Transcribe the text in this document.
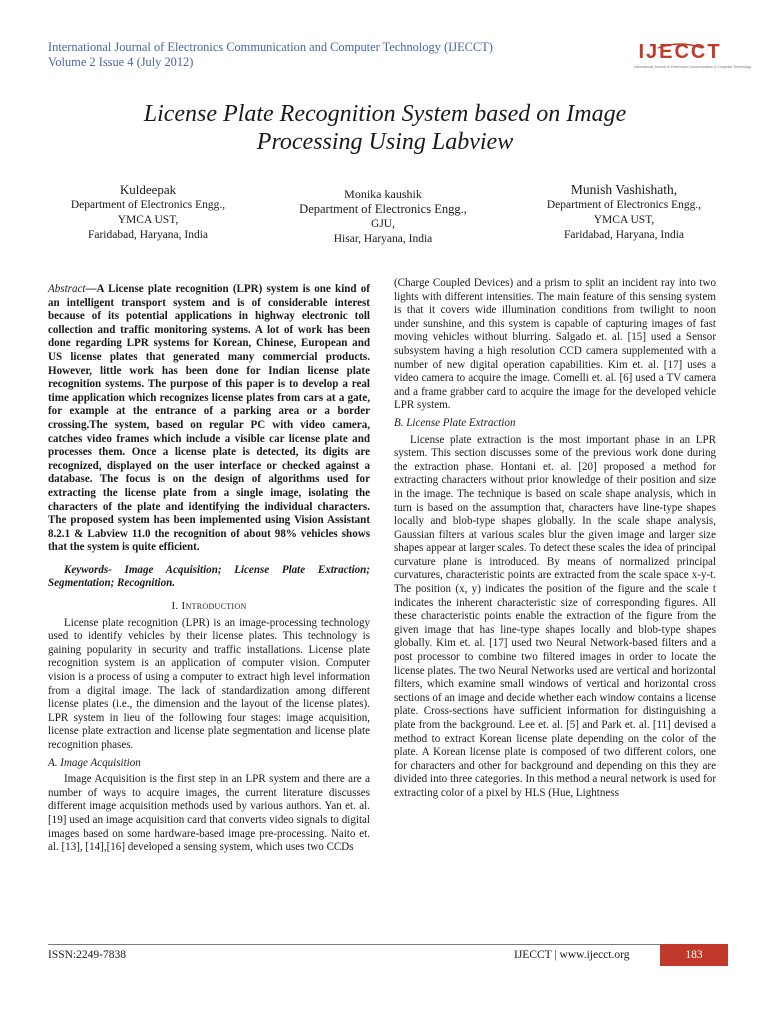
International Journal of Electronics Communication and Computer Technology (IJECCT)
Volume 2 Issue 4 (July 2012)	IJECCT
International Journal of Electronics Communication & Computer Technology
License Plate Recognition System based on Image
Processing Using Labview
Kuldeepak
Department of Electronics Engg.,
YMCA UST,
Faridabad, Haryana, India
Monika kaushik
Department of Electronics Engg.,
GJU,
Hisar, Haryana, India
Munish Vashishath,
Department of Electronics Engg.,
YMCA UST,
Faridabad, Haryana, India

Abstract—A License plate recognition (LPR) system is one kind of an intelligent transport system and is of considerable interest because of its potential applications in highway electronic toll collection and traffic monitoring systems. A lot of work has been done regarding LPR systems for Korean, Chinese, European and US license plates that generated many commercial products. However, little work has been done for Indian license plate recognition systems. The purpose of this paper is to develop a real time application which recognizes license plates from cars at a gate, for example at the entrance of a parking area or a border crossing.The system, based on regular PC with video camera, catches video frames which include a visible car license plate and processes them. Once a license plate is detected, its digits are recognized, displayed on the user interface or checked against a database. The focus is on the design of algorithms used for extracting the license plate from a single image, isolating the characters of the plate and identifying the individual characters. The proposed system has been implemented using Vision Assistant 8.2.1 & Labview 11.0 the recognition of about 98% vehicles shows that the system is quite efficient.

Keywords- Image Acquisition; License Plate Extraction; Segmentation; Recognition.

I. Introduction

License plate recognition (LPR) is an image-processing technology used to identify vehicles by their license plates. This technology is gaining popularity in security and traffic installations. License plate recognition system is an application of computer vision. Computer vision is a process of using a computer to extract high level information from a digital image. The lack of standardization among different license plates (i.e., the dimension and the layout of the license plates). LPR system in lieu of the following four stages: image acquisition, license plate extraction and license plate segmentation and license plate recognition phases.

A. Image Acquisition

Image Acquisition is the first step in an LPR system and there are a number of ways to acquire images, the current literature discusses different image acquisition methods used by various authors. Yan et. al. [19] used an image acquisition card that converts video signals to digital images based on some hardware-based image pre-processing. Naito et. al. [13], [14],[16] developed a sensing system, which uses two CCDs

(Charge Coupled Devices) and a prism to split an incident ray into two lights with different intensities. The main feature of this sensing system is that it covers wide illumination conditions from twilight to noon under sunshine, and this system is capable of capturing images of fast moving vehicles without blurring. Salgado et. al. [15] used a Sensor subsystem having a high resolution CCD camera supplemented with a number of new digital operation capabilities. Kim et. al. [17] uses a video camera to acquire the image. Comelli et. al. [6] used a TV camera and a frame grabber card to acquire the image for the developed vehicle LPR system.

B. License Plate Extraction

License plate extraction is the most important phase in an LPR system. This section discusses some of the previous work done during the extraction phase. Hontani et. al. [20] proposed a method for extracting characters without prior knowledge of their position and size in the image. The technique is based on scale shape analysis, which in turn is based on the assumption that, characters have line-type shapes locally and blob-type shapes globally. In the scale shape analysis, Gaussian filters at various scales blur the given image and larger size shapes appear at larger scales. To detect these scales the idea of principal curvature plane is introduced. By means of normalized principal curvatures, characteristic points are extracted from the scale space x-y-t. The position (x, y) indicates the position of the figure and the scale t indicates the inherent characteristic size of corresponding figures. All these characteristic points enable the extraction of the figure from the given image that has line-type shapes locally and blob-type shapes globally. Kim et. al. [17] used two Neural Network-based filters and a post processor to combine two filtered images in order to locate the license plates. The two Neural Networks used are vertical and horizontal filters, which examine small windows of vertical and horizontal cross sections of an image and decide whether each window contains a license plate. Cross-sections have sufficient information for distinguishing a plate from the background. Lee et. al. [5] and Park et. al. [11] devised a method to extract Korean license plate depending on the color of the plate. A Korean license plate is composed of two different colors, one for characters and other for background and depending on this they are divided into three categories. In this method a neural network is used for extracting color of a pixel by HLS (Hue, Lightness

ISSN:2249-7838	IJECCT | www.ijecct.org	183
